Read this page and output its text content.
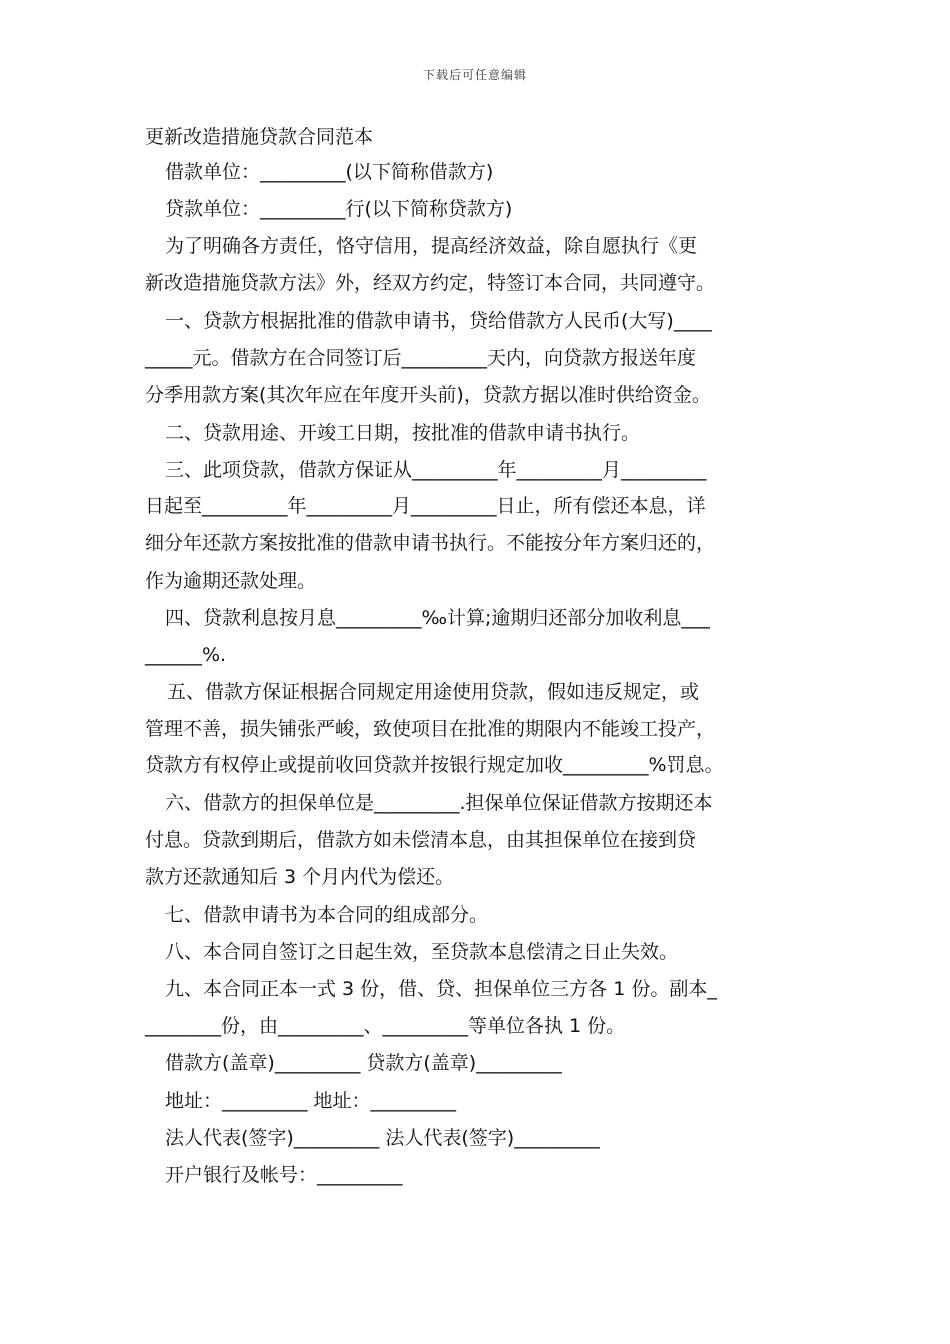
下载后可任意编辑
更新改造措施贷款合同范本
借款单位：_________(以下简称借款方)
贷款单位：_________行(以下简称贷款方)
为了明确各方责任，恪守信用，提高经济效益，除自愿执行《更
新改造措施贷款方法》外，经双方约定，特签订本合同，共同遵守。
一、贷款方根据批准的借款申请书，贷给借款方人民币(大写)____
_____元。借款方在合同签订后_________天内，向贷款方报送年度
分季用款方案(其次年应在年度开头前)，贷款方据以准时供给资金。
二、贷款用途、开竣工日期，按批准的借款申请书执行。
三、此项贷款，借款方保证从_________年_________月_________
日起至_________年_________月_________日止，所有偿还本息，详
细分年还款方案按批准的借款申请书执行。不能按分年方案归还的，
作为逾期还款处理。
四、贷款利息按月息_________‰计算;逾期归还部分加收利息___
______%.
五、借款方保证根据合同规定用途使用贷款，假如违反规定，或
管理不善，损失铺张严峻，致使项目在批准的期限内不能竣工投产，
贷款方有权停止或提前收回贷款并按银行规定加收_________%罚息。
六、借款方的担保单位是_________.担保单位保证借款方按期还本
付息。贷款到期后，借款方如未偿清本息，由其担保单位在接到贷
款方还款通知后 3 个月内代为偿还。
七、借款申请书为本合同的组成部分。
八、本合同自签订之日起生效，至贷款本息偿清之日止失效。
九、本合同正本一式 3 份，借、贷、担保单位三方各 1 份。副本_
________份，由_________、_________等单位各执 1 份。
借款方(盖章)_________ 贷款方(盖章)_________
地址：_________ 地址：_________
法人代表(签字)_________ 法人代表(签字)_________
开户银行及帐号：_________
